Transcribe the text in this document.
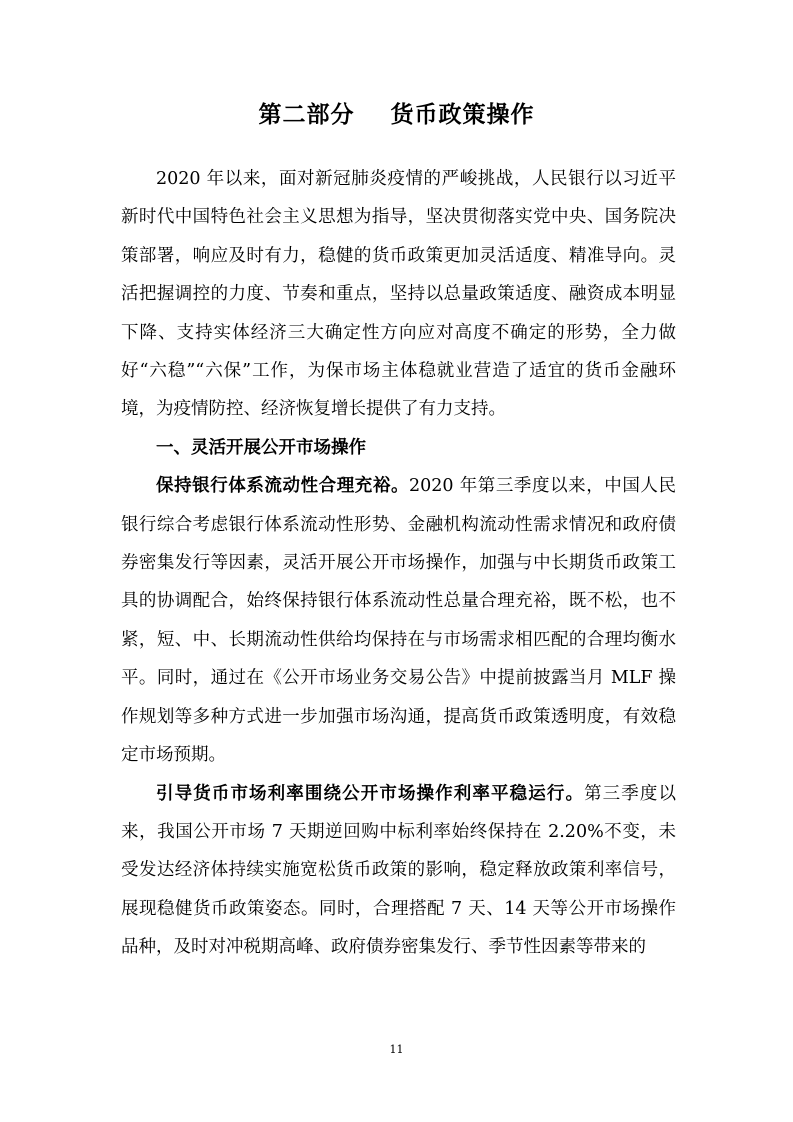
第二部分    货币政策操作

2020 年以来，面对新冠肺炎疫情的严峻挑战，人民银行以习近平新时代中国特色社会主义思想为指导，坚决贯彻落实党中央、国务院决策部署，响应及时有力，稳健的货币政策更加灵活适度、精准导向。灵活把握调控的力度、节奏和重点，坚持以总量政策适度、融资成本明显下降、支持实体经济三大确定性方向应对高度不确定的形势，全力做好“六稳”“六保”工作，为保市场主体稳就业营造了适宜的货币金融环境，为疫情防控、经济恢复增长提供了有力支持。

一、灵活开展公开市场操作

保持银行体系流动性合理充裕。2020 年第三季度以来，中国人民银行综合考虑银行体系流动性形势、金融机构流动性需求情况和政府债券密集发行等因素，灵活开展公开市场操作，加强与中长期货币政策工具的协调配合，始终保持银行体系流动性总量合理充裕，既不松，也不紧，短、中、长期流动性供给均保持在与市场需求相匹配的合理均衡水平。同时，通过在《公开市场业务交易公告》中提前披露当月 MLF 操作规划等多种方式进一步加强市场沟通，提高货币政策透明度，有效稳定市场预期。

引导货币市场利率围绕公开市场操作利率平稳运行。第三季度以来，我国公开市场 7 天期逆回购中标利率始终保持在 2.20%不变，未受发达经济体持续实施宽松货币政策的影响，稳定释放政策利率信号，展现稳健货币政策姿态。同时，合理搭配 7 天、14 天等公开市场操作品种，及时对冲税期高峰、政府债券密集发行、季节性因素等带来的

11
